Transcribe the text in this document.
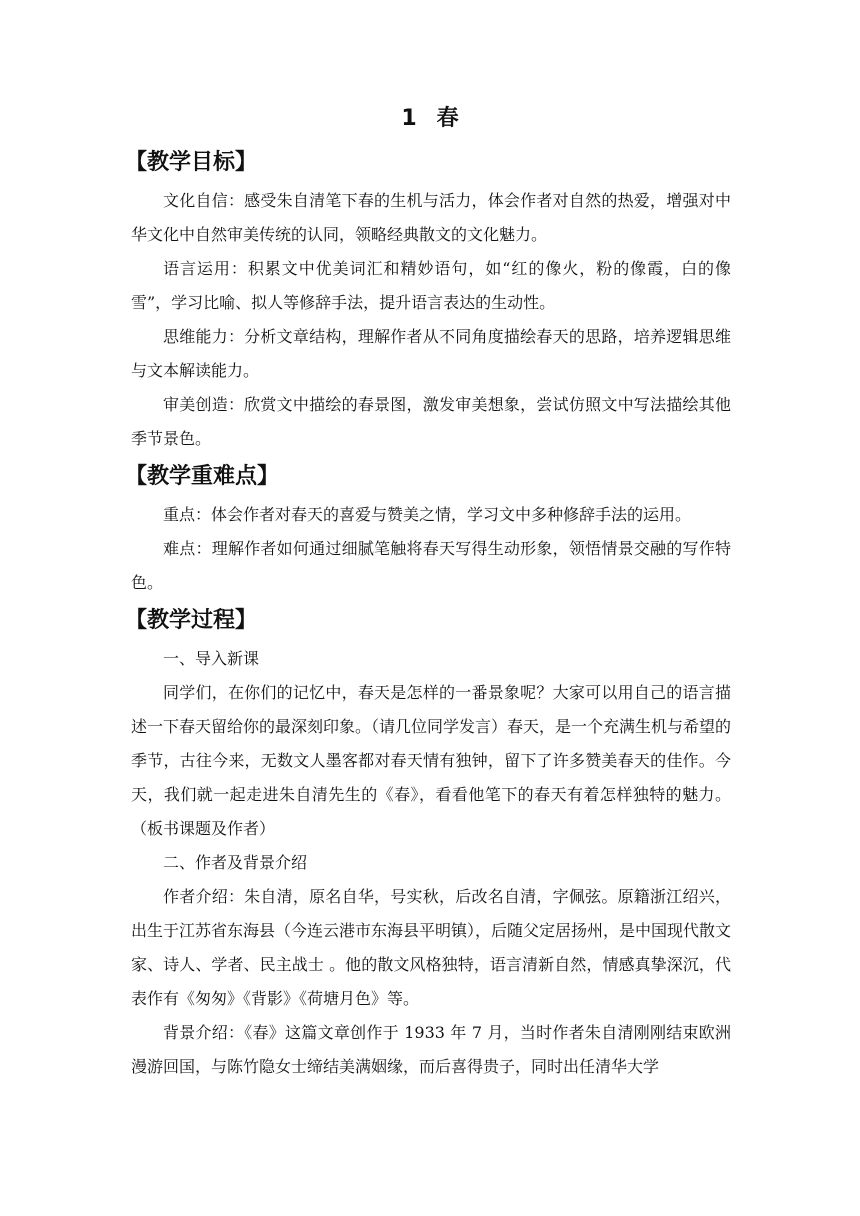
1 春
【教学目标】

文化自信：感受朱自清笔下春的生机与活力，体会作者对自然的热爱，增强对中华文化中自然审美传统的认同，领略经典散文的文化魅力。

语言运用：积累文中优美词汇和精妙语句，如“红的像火，粉的像霞，白的像雪”，学习比喻、拟人等修辞手法，提升语言表达的生动性。

思维能力：分析文章结构，理解作者从不同角度描绘春天的思路，培养逻辑思维与文本解读能力。

审美创造：欣赏文中描绘的春景图，激发审美想象，尝试仿照文中写法描绘其他季节景色。

【教学重难点】

重点：体会作者对春天的喜爱与赞美之情，学习文中多种修辞手法的运用。

难点：理解作者如何通过细腻笔触将春天写得生动形象，领悟情景交融的写作特色。

【教学过程】

一、导入新课

同学们，在你们的记忆中，春天是怎样的一番景象呢？大家可以用自己的语言描述一下春天留给你的最深刻印象。（请几位同学发言）春天，是一个充满生机与希望的季节，古往今来，无数文人墨客都对春天情有独钟，留下了许多赞美春天的佳作。今天，我们就一起走进朱自清先生的《春》，看看他笔下的春天有着怎样独特的魅力。（板书课题及作者）

二、作者及背景介绍

作者介绍：朱自清，原名自华，号实秋，后改名自清，字佩弦。原籍浙江绍兴，出生于江苏省东海县（今连云港市东海县平明镇），后随父定居扬州，是中国现代散文家、诗人、学者、民主战士 。他的散文风格独特，语言清新自然，情感真挚深沉，代表作有《匆匆》《背影》《荷塘月色》等。

背景介绍：《春》这篇文章创作于 1933 年 7 月，当时作者朱自清刚刚结束欧洲漫游回国，与陈竹隐女士缔结美满姻缘，而后喜得贵子，同时出任清华大学
